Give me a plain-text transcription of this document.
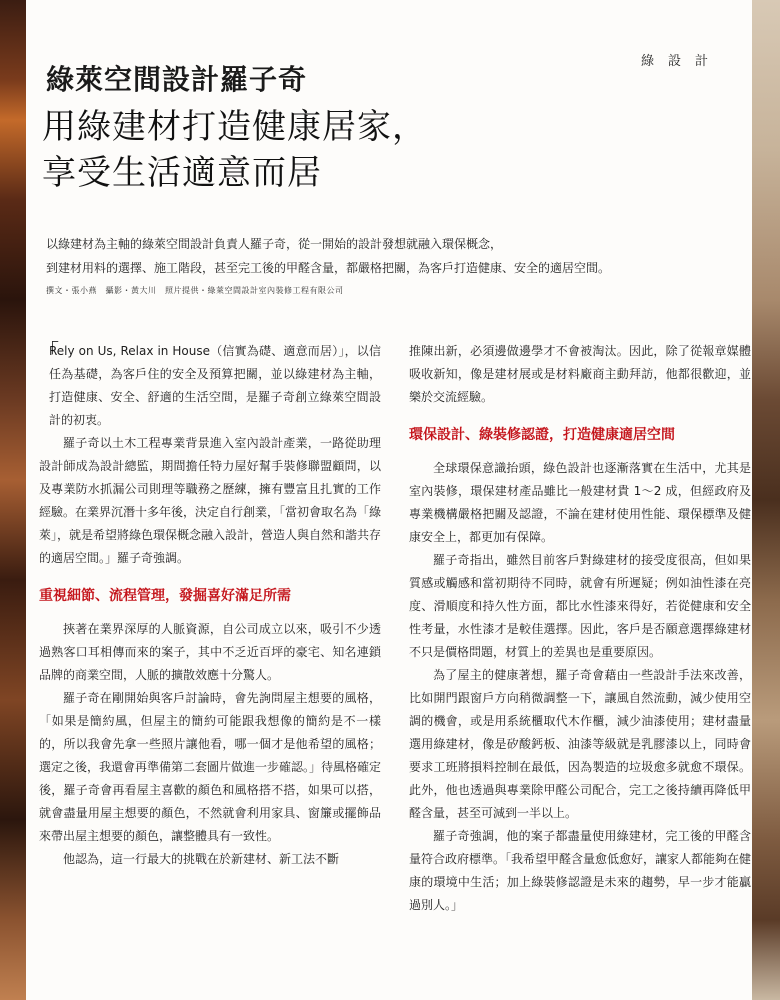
綠設計
綠萊空間設計羅子奇
用綠建材打造健康居家，
享受生活適意而居

以綠建材為主軸的綠萊空間設計負責人羅子奇，從一開始的設計發想就融入環保概念，

到建材用料的選擇、施工階段，甚至完工後的甲醛含量，都嚴格把關，為客戶打造健康、安全的適居空間。

撰文・張小燕　攝影・黃大川　照片提供・綠萊空間設計室內裝修工程有限公司

「
Rely on Us, Relax in House（信實為礎、適意而居）」，以信任為基礎，為客戶住的安全及預算把關，並以綠建材為主軸，打造健康、安全、舒適的生活空間，是羅子奇創立綠萊空間設計的初衷。

羅子奇以土木工程專業背景進入室內設計產業，一路從助理設計師成為設計總監，期間擔任特力屋好幫手裝修聯盟顧問，以及專業防水抓漏公司則理等職務之歷練，擁有豐富且扎實的工作經驗。在業界沉潛十多年後，決定自行創業，「當初會取名為「綠萊」，就是希望將綠色環保概念融入設計，營造人與自然和諧共存的適居空間。」羅子奇強調。

重視細節、流程管理，發掘喜好滿足所需

挾著在業界深厚的人脈資源，自公司成立以來，吸引不少透過熟客口耳相傳而來的案子，其中不乏近百坪的豪宅、知名連鎖品牌的商業空間，人脈的擴散效應十分驚人。

羅子奇在剛開始與客戶討論時，會先詢問屋主想要的風格，「如果是簡約風，但屋主的簡約可能跟我想像的簡約是不一樣的，所以我會先拿一些照片讓他看，哪一個才是他希望的風格；選定之後，我還會再準備第二套圖片做進一步確認。」待風格確定後，羅子奇會再看屋主喜歡的顏色和風格搭不搭，如果可以搭，就會盡量用屋主想要的顏色，不然就會利用家具、窗簾或擺飾品來帶出屋主想要的顏色，讓整體具有一致性。

他認為，這一行最大的挑戰在於新建材、新工法不斷

推陳出新，必須邊做邊學才不會被淘汰。因此，除了從報章媒體吸收新知，像是建材展或是材料廠商主動拜訪，他都很歡迎，並樂於交流經驗。

環保設計、綠裝修認證，打造健康適居空間

全球環保意識抬頭，綠色設計也逐漸落實在生活中，尤其是室內裝修，環保建材產品雖比一般建材貴 1～2 成，但經政府及專業機構嚴格把關及認證，不論在建材使用性能、環保標準及健康安全上，都更加有保障。

羅子奇指出，雖然目前客戶對綠建材的接受度很高，但如果質感或觸感和當初期待不同時，就會有所遲疑；例如油性漆在亮度、滑順度和持久性方面，都比水性漆來得好，若從健康和安全性考量，水性漆才是較佳選擇。因此，客戶是否願意選擇綠建材不只是價格問題，材質上的差異也是重要原因。

為了屋主的健康著想，羅子奇會藉由一些設計手法來改善，比如開門跟窗戶方向稍微調整一下，讓風自然流動，減少使用空調的機會，或是用系統櫃取代木作櫃，減少油漆使用；建材盡量選用綠建材，像是矽酸鈣板、油漆等級就是乳膠漆以上，同時會要求工班將損料控制在最低，因為製造的垃圾愈多就愈不環保。此外，他也透過與專業除甲醛公司配合，完工之後持續再降低甲醛含量，甚至可減到一半以上。

羅子奇強調，他的案子都盡量使用綠建材，完工後的甲醛含量符合政府標準。「我希望甲醛含量愈低愈好，讓家人都能夠在健康的環境中生活；加上綠裝修認證是未來的趨勢，早一步才能贏過別人。」
